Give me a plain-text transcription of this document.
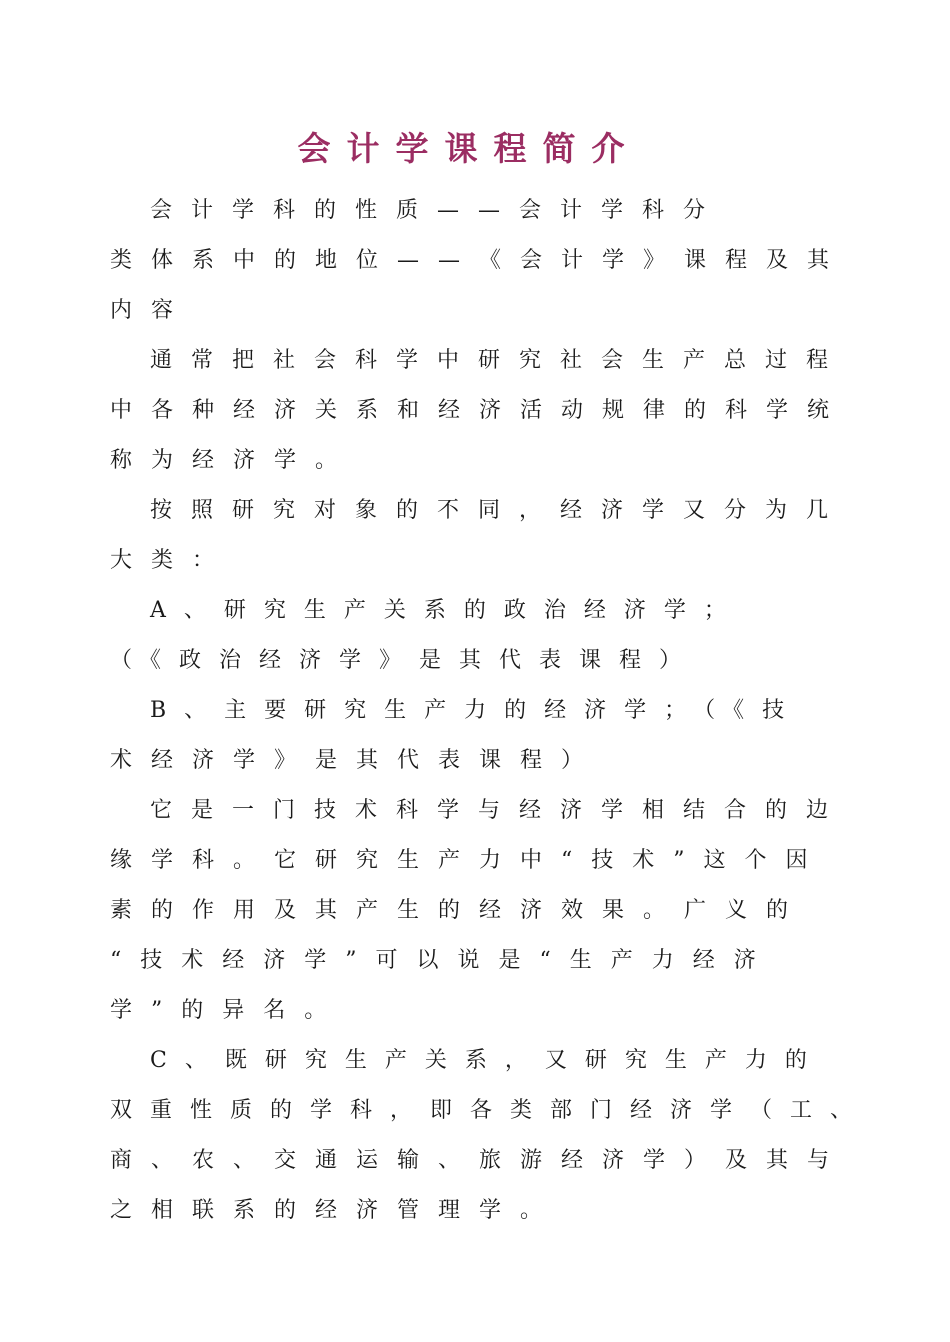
会计学课程简介
会计学科的性质——会计学科分
类体系中的地位——《会计学》课程及其
内容
通常把社会科学中研究社会生产总过程
中各种经济关系和经济活动规律的科学统
称为经济学。
按照研究对象的不同，经济学又分为几
大类：
A、研究生产关系的政治经济学；
（《政治经济学》是其代表课程）
B、主要研究生产力的经济学；（《技
术经济学》是其代表课程）
它是一门技术科学与经济学相结合的边
缘学科。它研究生产力中“技术”这个因
素的作用及其产生的经济效果。广义的
“技术经济学”可以说是“生产力经济
学”的异名。
C、既研究生产关系，又研究生产力的
双重性质的学科，即各类部门经济学（工、
商、农、交通运输、旅游经济学）及其与
之相联系的经济管理学。
